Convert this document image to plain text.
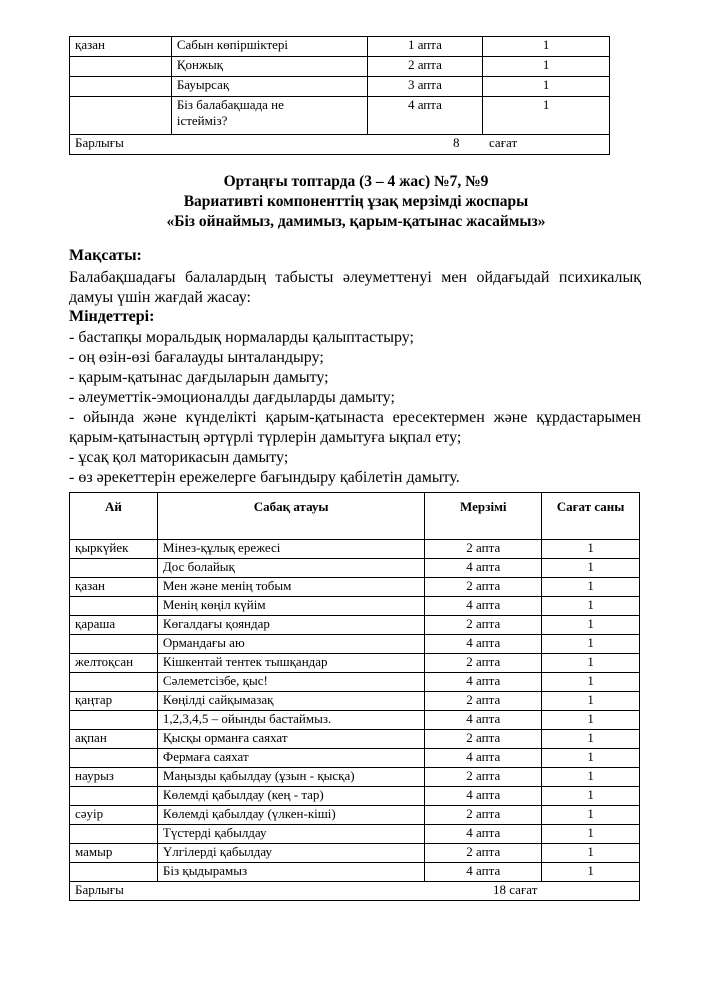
қазан	Сабын көпіршіктері	1 апта	1
	Қонжық	2 апта	1
	Бауырсақ	3 апта	1
	Біз балабақшада не
істейміз?	4 апта	1
Барлығы 8 сағат			
Ортаңғы топтарда (3 – 4 жас) №7, №9
Вариативті компоненттің ұзақ мерзімді жоспары
«Біз ойнаймыз, дамимыз, қарым-қатынас жасаймыз»
Мақсаты:
Балабақшадағы балалардың табысты әлеуметтенуі мен ойдағыдай психикалық
дамуы үшін жағдай жасау:
Міндеттері:
- бастапқы моральдық нормаларды қалыптастыру;
- оң өзін-өзі бағалауды ынталандыру;
- қарым-қатынас дағдыларын дамыту;
- әлеуметтік-эмоционалды дағдыларды дамыту;
- ойында және күнделікті қарым-қатынаста ересектермен және құрдастарымен
қарым-қатынастың әртүрлі түрлерін дамытуға ықпал ету;
- ұсақ қол маторикасын дамыту;
- өз әрекеттерін ережелерге бағындыру қабілетін дамыту.
Ай	Сабақ атауы	Мерзімі	Сағат саны
қыркүйек	Мінез-құлық ережесі	2 апта	1
	Дос болайық	4 апта	1
қазан	Мен және менің тобым	2 апта	1
	Менің көңіл күйім	4 апта	1
қараша	Көгалдағы қояндар	2 апта	1
	Ормандағы аю	4 апта	1
желтоқсан	Кішкентай тентек тышқандар	2 апта	1
	Сәлеметсізбе, қыс!	4 апта	1
қаңтар	Көңілді сайқымазақ	2 апта	1
	1,2,3,4,5 – ойынды бастаймыз.	4 апта	1
ақпан	Қысқы орманға саяхат	2 апта	1
	Фермаға саяхат	4 апта	1
наурыз	Маңызды қабылдау (ұзын - қысқа)	2 апта	1
	Көлемді қабылдау (кең - тар)	4 апта	1
сәуір	Көлемді қабылдау (үлкен-кіші)	2 апта	1
	Түстерді қабылдау	4 апта	1
мамыр	Үлгілерді қабылдау	2 апта	1
	Біз қыдырамыз	4 апта	1
Барлығы 18 сағат			
